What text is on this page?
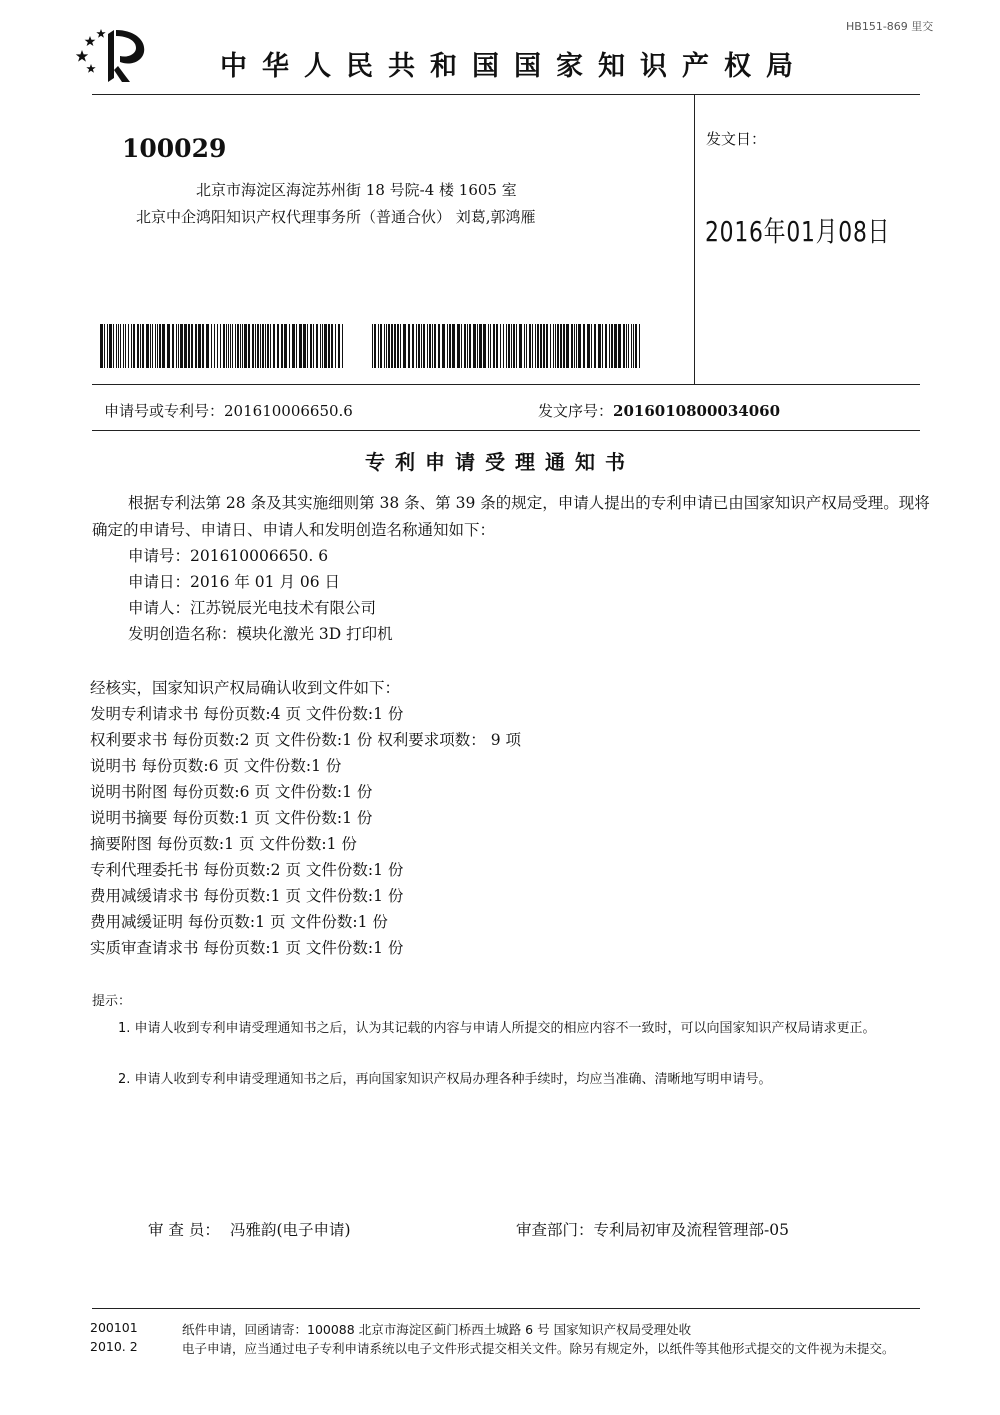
HB151-869 里交
中华人民共和国国家知识产权局
100029
北京市海淀区海淀苏州街 18 号院-4 楼 1605 室
北京中企鸿阳知识产权代理事务所（普通合伙） 刘葛,郭鸿雁
发文日：
2016年01月08日
申请号或专利号：201610006650.6	发文序号：2016010800034060
专利申请受理通知书
根据专利法第 28 条及其实施细则第 38 条、第 39 条的规定，申请人提出的专利申请已由国家知识产权局受理。现将确定的申请号、申请日、申请人和发明创造名称通知如下：
申请号：201610006650. 6
申请日：2016 年 01 月 06 日
申请人：江苏锐辰光电技术有限公司
发明创造名称：模块化激光 3D 打印机
经核实，国家知识产权局确认收到文件如下：
发明专利请求书 每份页数:4 页 文件份数:1 份
权利要求书 每份页数:2 页 文件份数:1 份 权利要求项数： 9 项
说明书 每份页数:6 页 文件份数:1 份
说明书附图 每份页数:6 页 文件份数:1 份
说明书摘要 每份页数:1 页 文件份数:1 份
摘要附图 每份页数:1 页 文件份数:1 份
专利代理委托书 每份页数:2 页 文件份数:1 份
费用减缓请求书 每份页数:1 页 文件份数:1 份
费用减缓证明 每份页数:1 页 文件份数:1 份
实质审查请求书 每份页数:1 页 文件份数:1 份
提示：
1. 申请人收到专利申请受理通知书之后，认为其记载的内容与申请人所提交的相应内容不一致时，可以向国家知识产权局请求更正。
2. 申请人收到专利申请受理通知书之后，再向国家知识产权局办理各种手续时，均应当准确、清晰地写明申请号。
审 查 员： 冯雅韵(电子申请)	审查部门：专利局初审及流程管理部-05
200101
2010. 2
纸件申请，回函请寄：100088 北京市海淀区蓟门桥西土城路 6 号 国家知识产权局受理处收
电子申请，应当通过电子专利申请系统以电子文件形式提交相关文件。除另有规定外，以纸件等其他形式提交的文件视为未提交。
